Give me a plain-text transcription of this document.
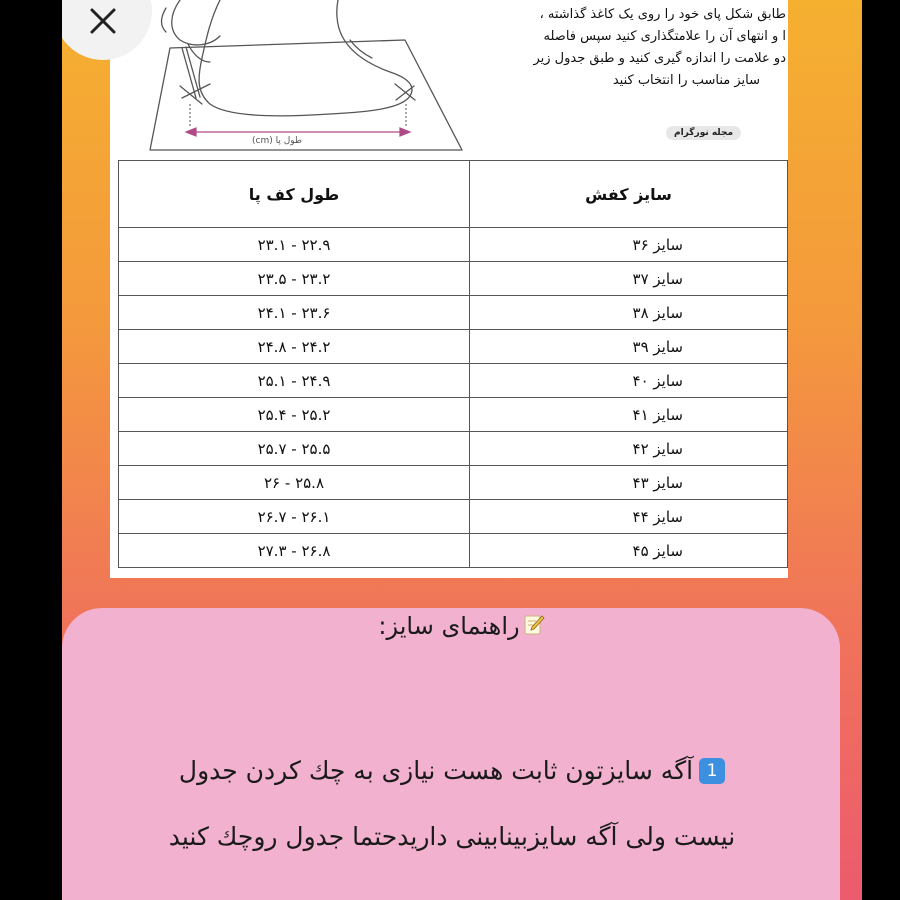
طول پا (cm)

طابق شکل پای خود را روی یک کاغذ گذاشته ،

ا و انتهای آن را علامتگذاری کنید سپس فاصله

دو علامت را اندازه گیری کنید و طبق جدول زیر

سایز مناسب را انتخاب کنید

مجله نورگرام
طول کف پا	سایز کفش
۲۲.۹ - ۲۳.۱	سایز ۳۶
۲۳.۲ - ۲۳.۵	سایز ۳۷
۲۳.۶ - ۲۴.۱	سایز ۳۸
۲۴.۲ - ۲۴.۸	سایز ۳۹
۲۴.۹ - ۲۵.۱	سایز ۴۰
۲۵.۲ - ۲۵.۴	سایز ۴۱
۲۵.۵ - ۲۵.۷	سایز ۴۲
۲۵.۸ - ۲۶	سایز ۴۳
۲۶.۱ - ۲۶.۷	سایز ۴۴
۲۶.۸ - ۲۷.۳	سایز ۴۵
راهنمای سایز:
1آگه سایزتون ثابت هست نیازی به چك كردن جدول
نیست ولی آگه سایزبینابینی داریدحتما جدول روچك كنید
